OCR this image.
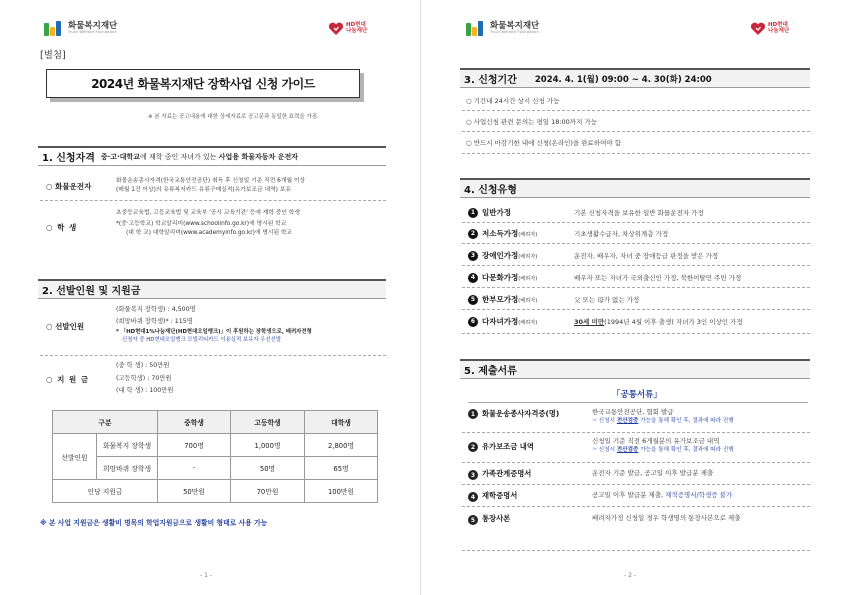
화물복지재단
Truck Welfare Foundation
HD현대
나눔재단
[별첨]
2024년 화물복지재단 장학사업 신청 가이드
※ 본 자료는 공고내용에 대한 상세자료로 공고문과 동일한 효력을 가짐.
1. 신청자격 중·고·대학교에 재학 중인 자녀가 있는 사업용 화물자동차 운전자
○ 화물운전자
화물운송종사자격(한국교통안전공단) 취득 후 신청일 기준 직전 6개월 이상
(매월 1건 이상)의 유류복지카드 유류구매실적(유가보조금 내역) 보유
○ 학 생
초중등교육법, 고등교육법 및 교육부 '공시 교육기관' 등에 재학 중인 학생
*(중·고등학교) 학교알리미(www.schoolinfo.go.kr)에 명시된 학교
(대 학 교) 대학알리미(www.academyinfo.go.kr)에 명시된 학교
2. 선발인원 및 지원금
○ 선발인원
(화물복지 장학생) : 4,500명
(희망바퀴 장학생)* : 115명
* 「HD현대1%나눔재단(HD현대오일뱅크)」이 후원하는 장학생으로, 배려자전형
신청자 중 HD현대오일뱅크 모빌리티카드 이용실적 보유자 우선선발
○ 지 원 금
(중 학 생) : 50만원
(고등학생) : 70만원
(대 학 생) : 100만원
구분		중학생	고등학생	대학생
선발인원	화물복지 장학생	700명	1,000명	2,800명
	희망바퀴 장학생	-	50명	65명
인당 지원금		50만원	70만원	100만원
※ 본 사업 지원금은 생활비 명목의 학업지원금으로 생활비 형태로 사용 가능
- 1 -
화물복지재단
Truck Welfare Foundation
HD현대
나눔재단
3. 신청기간 2024. 4. 1(월) 09:00 ~ 4. 30(화) 24:00
○ 기간내 24시간 상시 신청 가능
○ 사업신청 관련 문의는 평일 18:00까지 가능
○ 반드시 마감기한 내에 신청(온라인)을 완료하여야 함
4. 신청유형
1 일반가정	기본 신청자격을 보유한 일반 화물운전자 가정
2 저소득가정(배려자)	기초생활수급자, 차상위계층 가정
3 장애인가정(배려자)	운전자, 배우자, 자녀 중 장애등급 판정을 받은 가정
4 다문화가정(배려자)	배우자 또는 자녀가 국외출신인 가정, 북한이탈민 주민 가정
5 한부모가정(배려자)	父 또는 母가 없는 가정
6 다자녀가정(배려자)	30세 미만(1994년 4월 이후 출생) 자녀가 3인 이상인 가정
5. 제출서류
「공통서류」
1 화물운송종사자격증(명)	한국교통안전공단, 협회 발급
☞ 신청시 전산검증 가능을 통해 확인 후, 결과에 따라 진행
2 유가보조금 내역
신청일 기준 직전 6개월분의 유가보조금 내역
☞ 신청시 전산검증 가능을 통해 확인 후, 결과에 따라 진행
3 가족관계증명서	운전자 기준 발급, 공고일 이후 발급분 제출
4 재학증명서	공고일 이후 발급분 제출, 재적증명서/학생증 불가
5 통장사본	배려자가정 신청일 경우 학생명의 통장사본으로 제출
- 2 -
